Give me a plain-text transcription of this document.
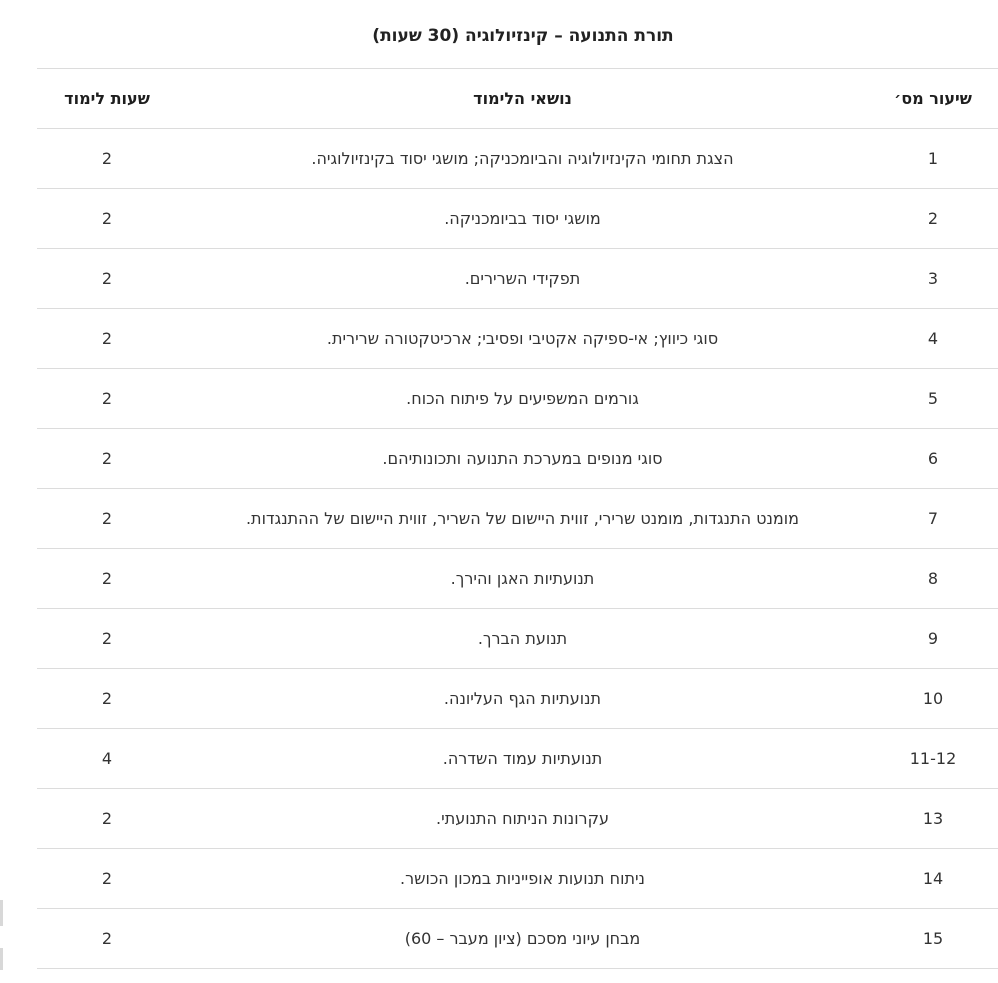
תורת התנועה – קינזיולוגיה (30 שעות)
שיעור מס׳	נושאי הלימוד	שעות לימוד
1	הצגת תחומי הקינזיולוגיה והביומכניקה; מושגי יסוד בקינזיולוגיה.	2
2	מושגי יסוד בביומכניקה.	2
3	תפקידי השרירים.	2
4	סוגי כיווץ; אי-ספיקה אקטיבי ופסיבי; ארכיטקטורה שרירית.	2
5	גורמים המשפיעים על פיתוח הכוח.	2
6	סוגי מנופים במערכת התנועה ותכונותיהם.	2
7	מומנט התנגדות, מומנט שרירי, זווית היישום של השריר, זווית היישום של ההתנגדות.	2
8	תנועתיות האגן והירך.	2
9	תנועת הברך.	2
10	תנועתיות הגף העליונה.	2
11-12	תנועתיות עמוד השדרה.	4
13	עקרונות הניתוח התנועתי.	2
14	ניתוח תנועות אופייניות במכון הכושר.	2
15	מבחן עיוני מסכם (ציון מעבר – 60)	2
